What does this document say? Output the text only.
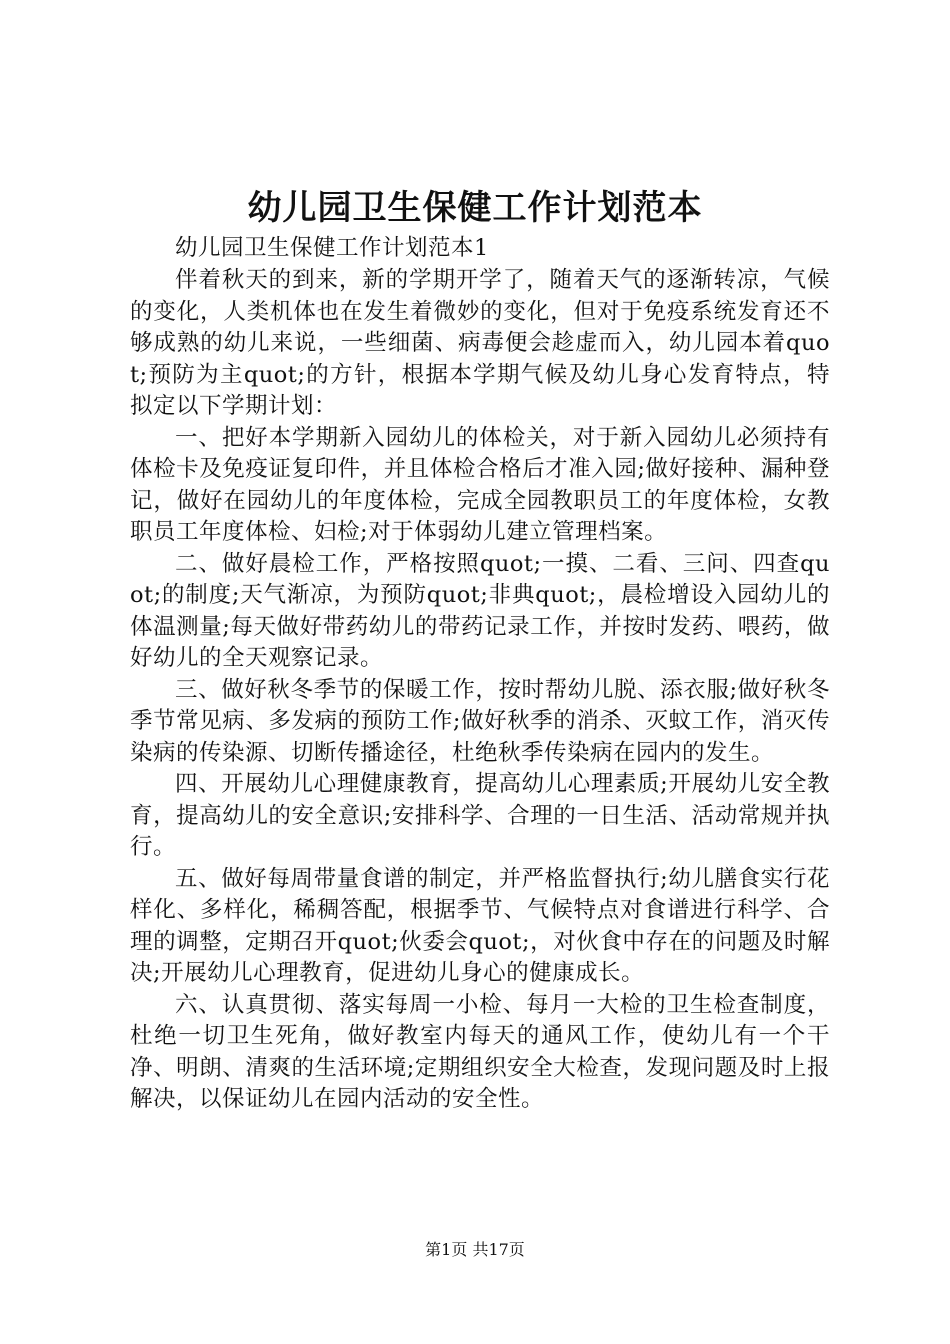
幼儿园卫生保健工作计划范本

幼儿园卫生保健工作计划范本1

伴着秋天的到来，新的学期开学了，随着天气的逐渐转凉，气候的变化，人类机体也在发生着微妙的变化，但对于免疫系统发育还不够成熟的幼儿来说，一些细菌、病毒便会趁虚而入，幼儿园本着quot;预防为主quot;的方针，根据本学期气候及幼儿身心发育特点，特拟定以下学期计划：

一、把好本学期新入园幼儿的体检关，对于新入园幼儿必须持有体检卡及免疫证复印件，并且体检合格后才准入园;做好接种、漏种登记，做好在园幼儿的年度体检，完成全园教职员工的年度体检，女教职员工年度体检、妇检;对于体弱幼儿建立管理档案。

二、做好晨检工作，严格按照quot;一摸、二看、三问、四查quot;的制度;天气渐凉，为预防quot;非典quot;，晨检增设入园幼儿的体温测量;每天做好带药幼儿的带药记录工作，并按时发药、喂药，做好幼儿的全天观察记录。

三、做好秋冬季节的保暖工作，按时帮幼儿脱、添衣服;做好秋冬季节常见病、多发病的预防工作;做好秋季的消杀、灭蚊工作，消灭传染病的传染源、切断传播途径，杜绝秋季传染病在园内的发生。

四、开展幼儿心理健康教育，提高幼儿心理素质;开展幼儿安全教育，提高幼儿的安全意识;安排科学、合理的一日生活、活动常规并执行。

五、做好每周带量食谱的制定，并严格监督执行;幼儿膳食实行花样化、多样化，稀稠答配，根据季节、气候特点对食谱进行科学、合理的调整，定期召开quot;伙委会quot;，对伙食中存在的问题及时解决;开展幼儿心理教育，促进幼儿身心的健康成长。

六、认真贯彻、落实每周一小检、每月一大检的卫生检查制度，杜绝一切卫生死角，做好教室内每天的通风工作，使幼儿有一个干净、明朗、清爽的生活环境;定期组织安全大检查，发现问题及时上报解决，以保证幼儿在园内活动的安全性。

第1页 共17页
